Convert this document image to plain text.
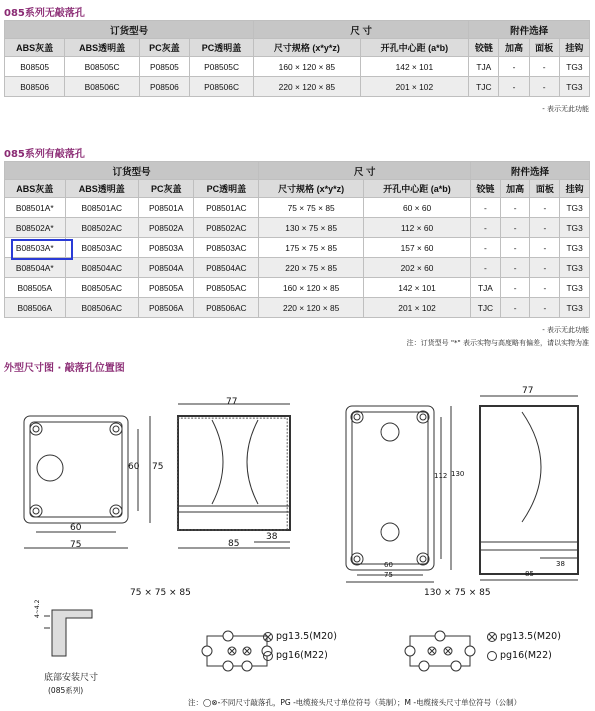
085系列无敲落孔
订货型号				尺 寸		附件选择			
ABS灰盖	ABS透明盖	PC灰盖	PC透明盖	尺寸规格 (x*y*z)	开孔中心距 (a*b)	铰链	加高	面板	挂钩
B08505	B08505C	P08505	P08505C	160 × 120 × 85	142 × 101	TJA	-	-	TG3
B08506	B08506C	P08506	P08506C	220 × 120 × 85	201 × 102	TJC	-	-	TG3
- 表示无此功能
085系列有敲落孔
订货型号				尺 寸		附件选择			
ABS灰盖	ABS透明盖	PC灰盖	PC透明盖	尺寸规格 (x*y*z)	开孔中心距 (a*b)	铰链	加高	面板	挂钩
B08501A*	B08501AC	P08501A	P08501AC	75 × 75 × 85	60 × 60	-	-	-	TG3
B08502A*	B08502AC	P08502A	P08502AC	130 × 75 × 85	112 × 60	-	-	-	TG3
B08503A*	B08503AC	P08503A	P08503AC	175 × 75 × 85	157 × 60	-	-	-	TG3
B08504A*	B08504AC	P08504A	P08504AC	220 × 75 × 85	202 × 60	-	-	-	TG3
B08505A	B08505AC	P08505A	P08505AC	160 × 120 × 85	142 × 101	TJA	-	-	TG3
B08506A	B08506AC	P08506A	P08506AC	220 × 120 × 85	201 × 102	TJC	-	-	TG3
- 表示无此功能
注：订货型号 "*" 表示实物与高度略有偏差，请以实物为准
外型尺寸图 · 敲落孔位置图
77
60 75
60
75	85
38
77
112 130
60
75	85
38
75 × 75 × 85	130 × 75 × 85
4~4.2
底部安装尺寸
(085系列)
pg13.5(M20)
pg16(M22)
pg13.5(M20)
pg16(M22)
注：◯⊗-不同尺寸敲落孔，PG -电缆接头尺寸单位符号（英制）；M -电缆接头尺寸单位符号（公制）
